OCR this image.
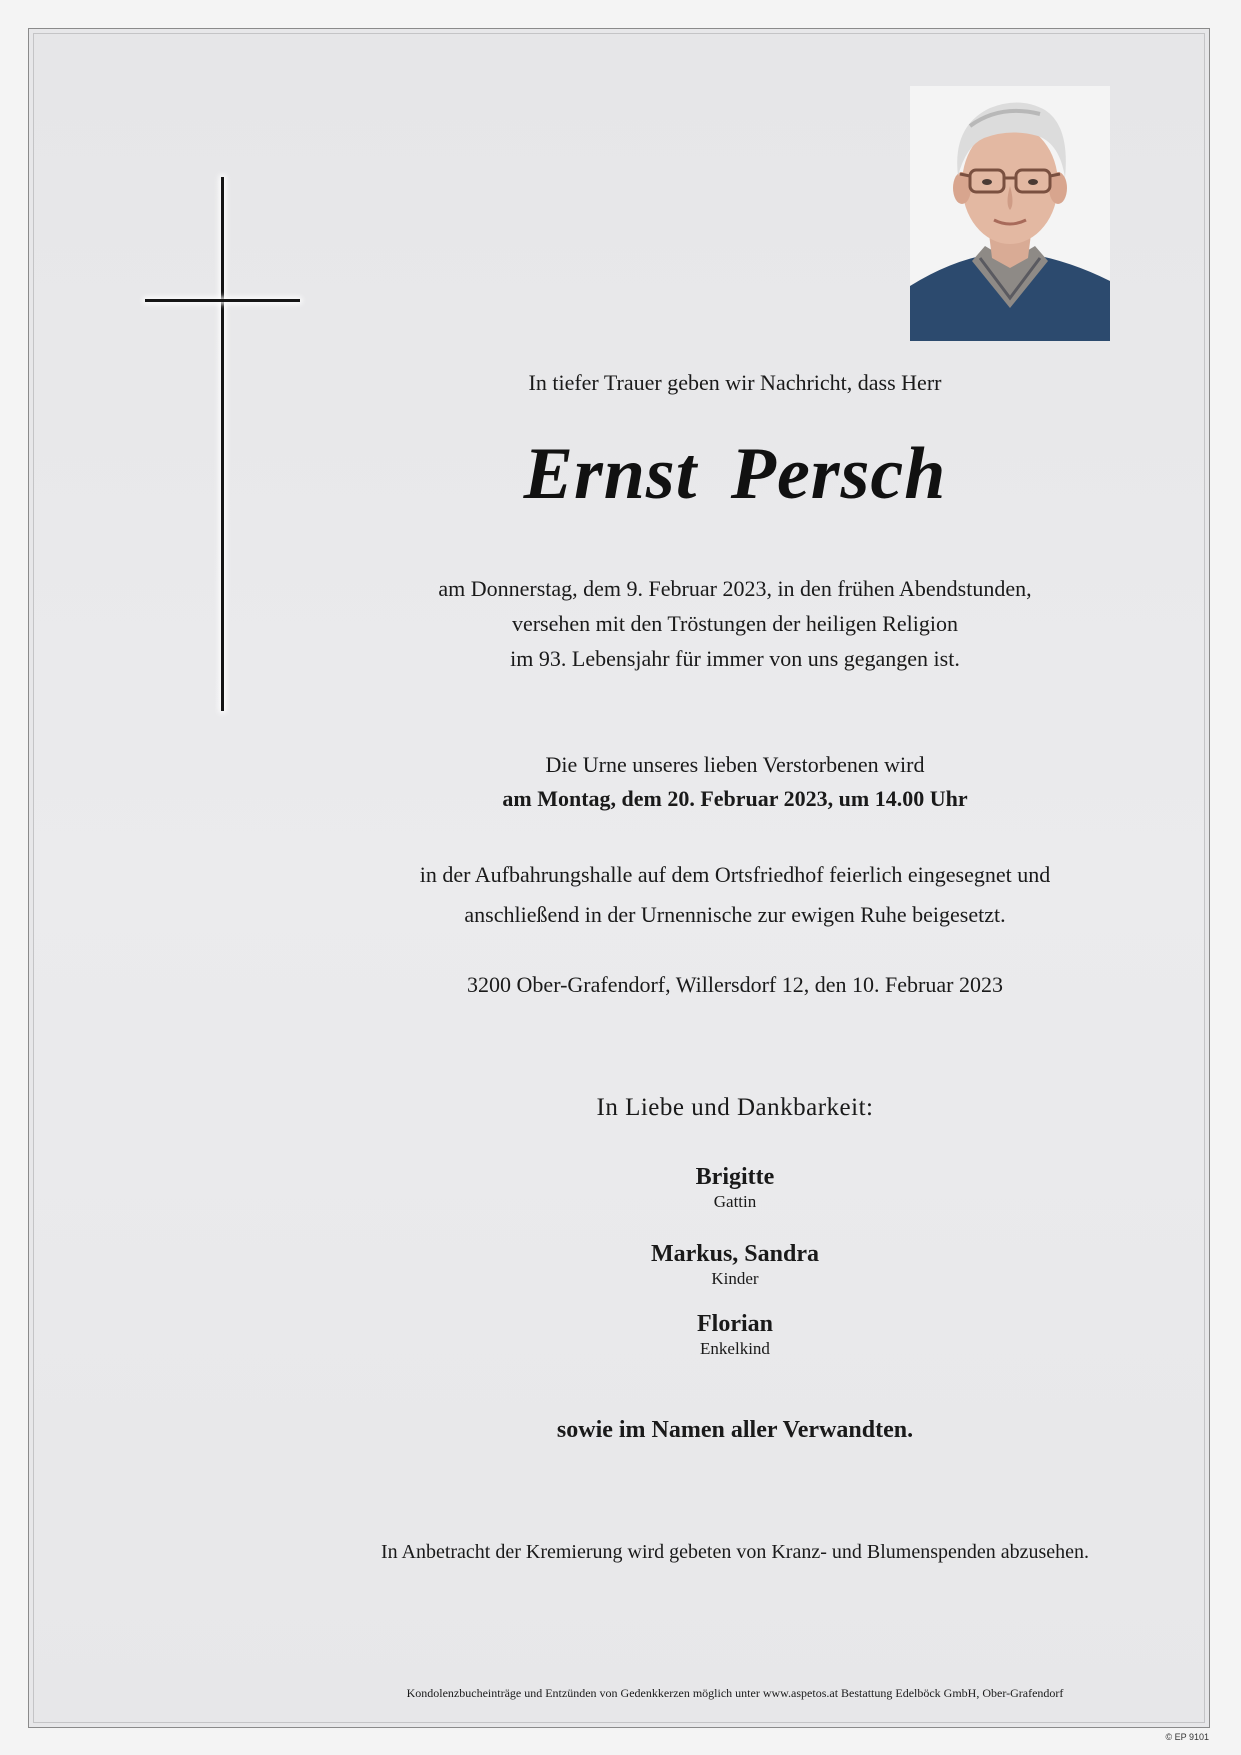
In tiefer Trauer geben wir Nachricht, dass Herr
Ernst Persch
am Donnerstag, dem 9. Februar 2023, in den frühen Abendstunden,
versehen mit den Tröstungen der heiligen Religion
im 93. Lebensjahr für immer von uns gegangen ist.
Die Urne unseres lieben Verstorbenen wird
am Montag, dem 20. Februar 2023, um 14.00 Uhr
in der Aufbahrungshalle auf dem Ortsfriedhof feierlich eingesegnet und
anschließend in der Urnennische zur ewigen Ruhe beigesetzt.
3200 Ober-Grafendorf, Willersdorf 12, den 10. Februar 2023
In Liebe und Dankbarkeit:
Brigitte
Gattin
Markus, Sandra
Kinder
Florian
Enkelkind
sowie im Namen aller Verwandten.
In Anbetracht der Kremierung wird gebeten von Kranz- und Blumenspenden abzusehen.
Kondolenzbucheinträge und Entzünden von Gedenkkerzen möglich unter www.aspetos.at Bestattung Edelböck GmbH, Ober-Grafendorf
© EP 9101
